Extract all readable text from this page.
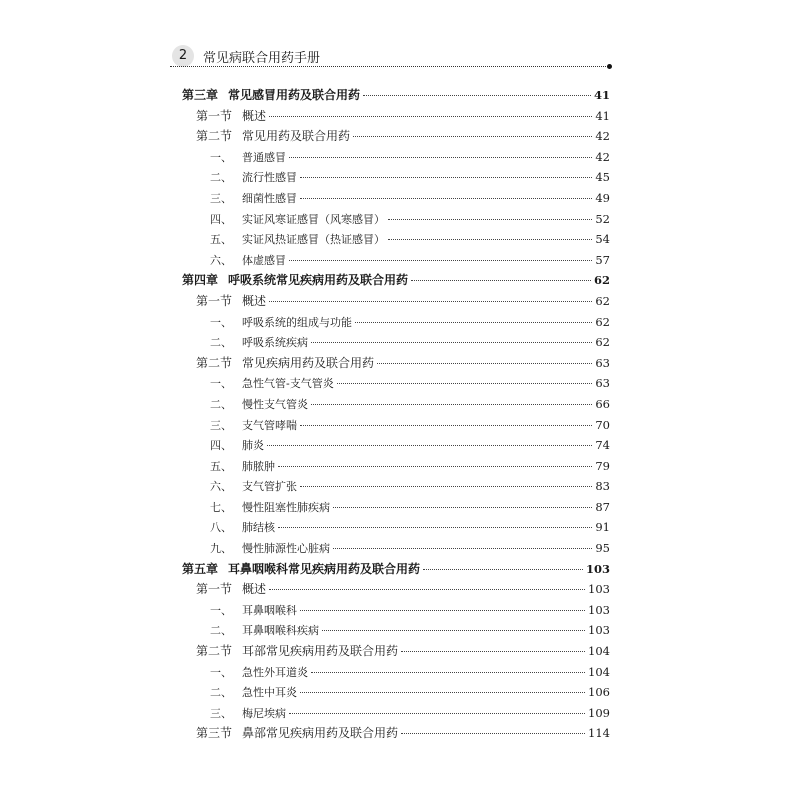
2	常见病联合用药手册
第三章 常见感冒用药及联合用药	41
第一节 概述	41
第二节 常见用药及联合用药	42
一、 普通感冒	42
二、 流行性感冒	45
三、 细菌性感冒	49
四、 实证风寒证感冒（风寒感冒）	52
五、 实证风热证感冒（热证感冒）	54
六、 体虚感冒	57
第四章 呼吸系统常见疾病用药及联合用药	62
第一节 概述	62
一、 呼吸系统的组成与功能	62
二、 呼吸系统疾病	62
第二节 常见疾病用药及联合用药	63
一、 急性气管-支气管炎	63
二、 慢性支气管炎	66
三、 支气管哮喘	70
四、 肺炎	74
五、 肺脓肿	79
六、 支气管扩张	83
七、 慢性阻塞性肺疾病	87
八、 肺结核	91
九、 慢性肺源性心脏病	95
第五章 耳鼻咽喉科常见疾病用药及联合用药	103
第一节 概述	103
一、 耳鼻咽喉科	103
二、 耳鼻咽喉科疾病	103
第二节 耳部常见疾病用药及联合用药	104
一、 急性外耳道炎	104
二、 急性中耳炎	106
三、 梅尼埃病	109
第三节 鼻部常见疾病用药及联合用药	114
